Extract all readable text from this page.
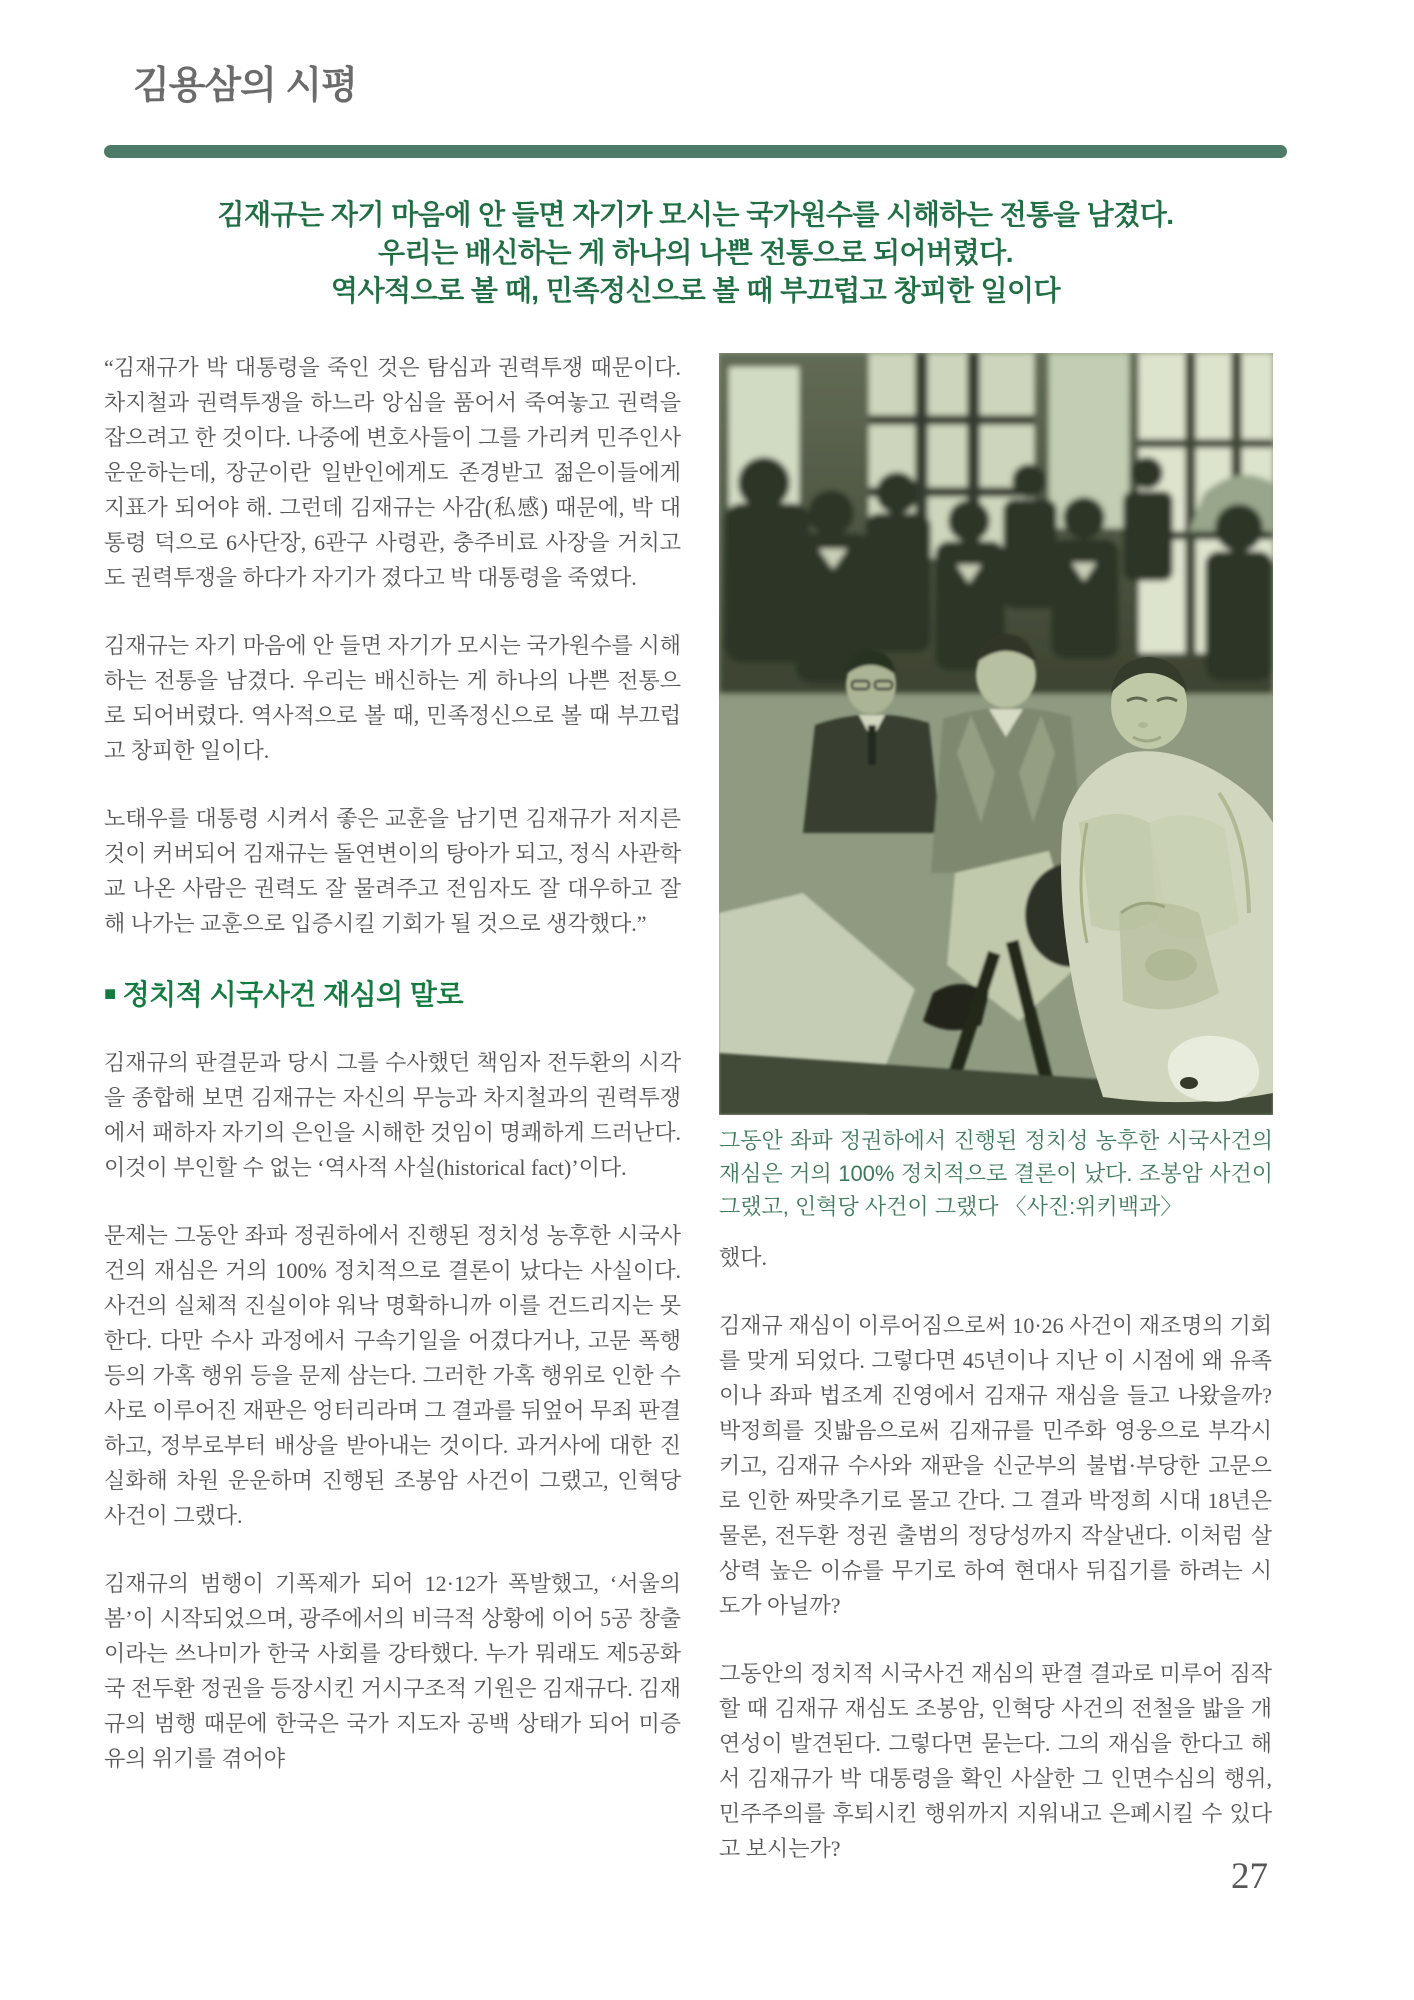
김용삼의 시평
김재규는 자기 마음에 안 들면 자기가 모시는 국가원수를 시해하는 전통을 남겼다.
우리는 배신하는 게 하나의 나쁜 전통으로 되어버렸다.
역사적으로 볼 때, 민족정신으로 볼 때 부끄럽고 창피한 일이다

“김재규가 박 대통령을 죽인 것은 탐심과 권력투쟁 때문이다. 차지철과 권력투쟁을 하느라 앙심을 품어서 죽여놓고 권력을 잡으려고 한 것이다. 나중에 변호사들이 그를 가리켜 민주인사 운운하는데, 장군이란 일반인에게도 존경받고 젊은이들에게 지표가 되어야 해. 그런데 김재규는 사감(私感) 때문에, 박 대통령 덕으로 6사단장, 6관구 사령관, 충주비료 사장을 거치고도 권력투쟁을 하다가 자기가 졌다고 박 대통령을 죽였다.

김재규는 자기 마음에 안 들면 자기가 모시는 국가원수를 시해하는 전통을 남겼다. 우리는 배신하는 게 하나의 나쁜 전통으로 되어버렸다. 역사적으로 볼 때, 민족정신으로 볼 때 부끄럽고 창피한 일이다.

노태우를 대통령 시켜서 좋은 교훈을 남기면 김재규가 저지른 것이 커버되어 김재규는 돌연변이의 탕아가 되고, 정식 사관학교 나온 사람은 권력도 잘 물려주고 전임자도 잘 대우하고 잘해 나가는 교훈으로 입증시킬 기회가 될 것으로 생각했다.”

■ 정치적 시국사건 재심의 말로

김재규의 판결문과 당시 그를 수사했던 책임자 전두환의 시각을 종합해 보면 김재규는 자신의 무능과 차지철과의 권력투쟁에서 패하자 자기의 은인을 시해한 것임이 명쾌하게 드러난다. 이것이 부인할 수 없는 ‘역사적 사실(historical fact)’이다.

문제는 그동안 좌파 정권하에서 진행된 정치성 농후한 시국사건의 재심은 거의 100% 정치적으로 결론이 났다는 사실이다. 사건의 실체적 진실이야 워낙 명확하니까 이를 건드리지는 못한다. 다만 수사 과정에서 구속기일을 어겼다거나, 고문 폭행 등의 가혹 행위 등을 문제 삼는다. 그러한 가혹 행위로 인한 수사로 이루어진 재판은 엉터리라며 그 결과를 뒤엎어 무죄 판결하고, 정부로부터 배상을 받아내는 것이다. 과거사에 대한 진실화해 차원 운운하며 진행된 조봉암 사건이 그랬고, 인혁당 사건이 그랬다.

김재규의 범행이 기폭제가 되어 12·12가 폭발했고, ‘서울의 봄’이 시작되었으며, 광주에서의 비극적 상황에 이어 5공 창출이라는 쓰나미가 한국 사회를 강타했다. 누가 뭐래도 제5공화국 전두환 정권을 등장시킨 거시구조적 기원은 김재규다. 김재규의 범행 때문에 한국은 국가 지도자 공백 상태가 되어 미증유의 위기를 겪어야

그동안 좌파 정권하에서 진행된 정치성 농후한 시국사건의 재심은 거의 100% 정치적으로 결론이 났다. 조봉암 사건이 그랬고, 인혁당 사건이 그랬다 〈사진:위키백과〉

했다.

김재규 재심이 이루어짐으로써 10·26 사건이 재조명의 기회를 맞게 되었다. 그렇다면 45년이나 지난 이 시점에 왜 유족이나 좌파 법조계 진영에서 김재규 재심을 들고 나왔을까? 박정희를 짓밟음으로써 김재규를 민주화 영웅으로 부각시키고, 김재규 수사와 재판을 신군부의 불법·부당한 고문으로 인한 짜맞추기로 몰고 간다. 그 결과 박정희 시대 18년은 물론, 전두환 정권 출범의 정당성까지 작살낸다. 이처럼 살상력 높은 이슈를 무기로 하여 현대사 뒤집기를 하려는 시도가 아닐까?

그동안의 정치적 시국사건 재심의 판결 결과로 미루어 짐작할 때 김재규 재심도 조봉암, 인혁당 사건의 전철을 밟을 개연성이 발견된다. 그렇다면 묻는다. 그의 재심을 한다고 해서 김재규가 박 대통령을 확인 사살한 그 인면수심의 행위, 민주주의를 후퇴시킨 행위까지 지워내고 은폐시킬 수 있다고 보시는가?

27
